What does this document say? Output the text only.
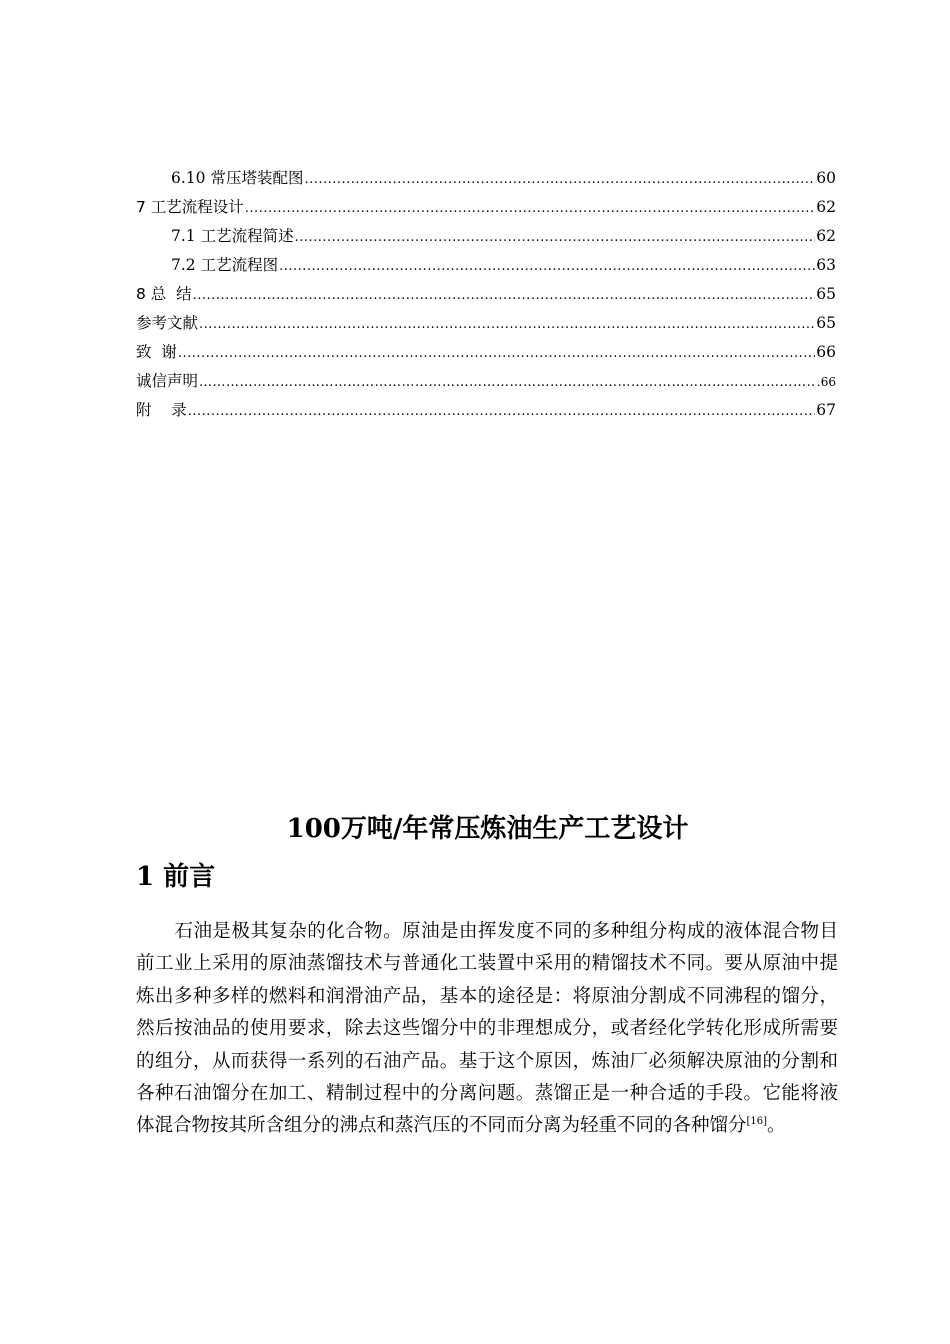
6.10 常压塔装配图 .....	60
7 工艺流程设计 .....	62
7.1 工艺流程简述 .....	62
7.2 工艺流程图 .....	63
8 总  结 .....	65
参考文献 .....	65
致  谢 .....	66
诚信声明 …………………………………………………………………………………………………………………………………………………………………………	.66
附    录 .....	67
100万吨/年常压炼油生产工艺设计
1 前言

石油是极其复杂的化合物。原油是由挥发度不同的多种组分构成的液体混合物目前工业上采用的原油蒸馏技术与普通化工装置中采用的精馏技术不同。要从原油中提炼出多种多样的燃料和润滑油产品，基本的途径是：将原油分割成不同沸程的馏分，然后按油品的使用要求，除去这些馏分中的非理想成分，或者经化学转化形成所需要的组分，从而获得一系列的石油产品。基于这个原因，炼油厂必须解决原油的分割和各种石油馏分在加工、精制过程中的分离问题。蒸馏正是一种合适的手段。它能将液体混合物按其所含组分的沸点和蒸汽压的不同而分离为轻重不同的各种馏分[16]。
